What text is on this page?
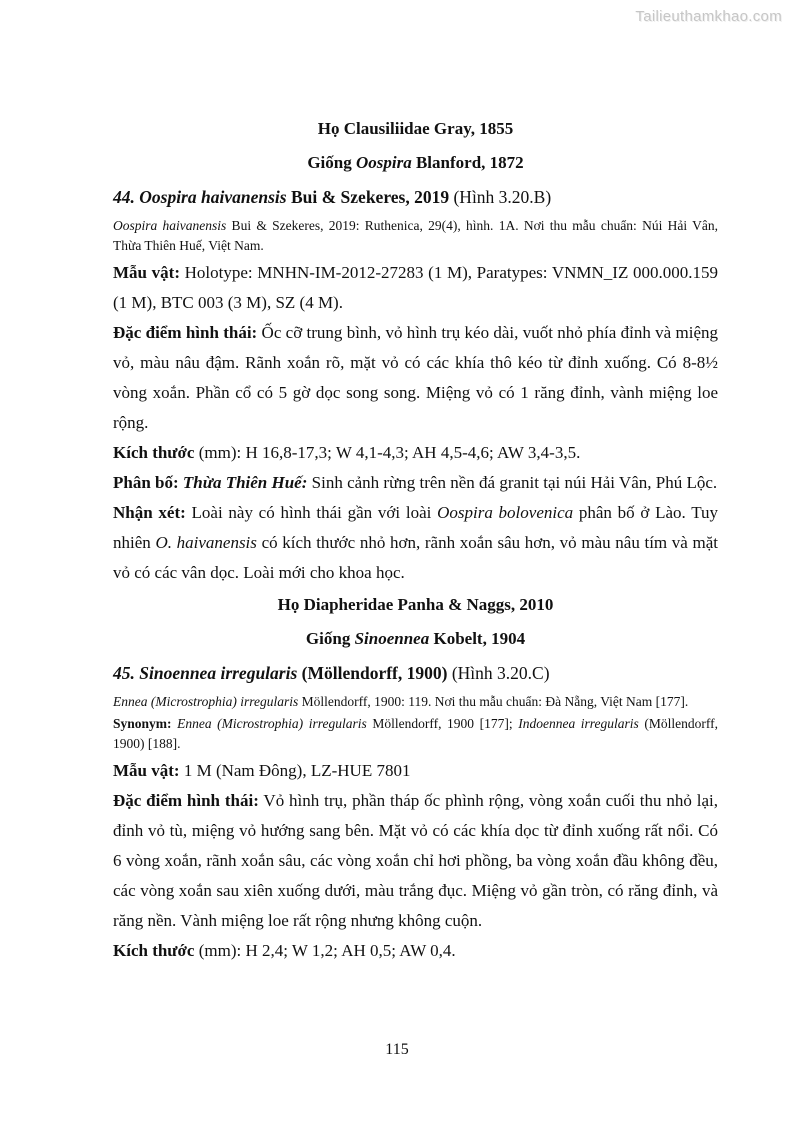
Tailieuthamkhao.com

Họ Clausiliidae Gray, 1855

Giống Oospira Blanford, 1872

44. Oospira haivanensis Bui & Szekeres, 2019 (Hình 3.20.B)

Oospira haivanensis Bui & Szekeres, 2019: Ruthenica, 29(4), hình. 1A. Nơi thu mẫu chuẩn: Núi Hải Vân, Thừa Thiên Huế, Việt Nam.

Mẫu vật: Holotype: MNHN-IM-2012-27283 (1 M), Paratypes: VNMN_IZ 000.000.159 (1 M), BTC 003 (3 M), SZ (4 M).

Đặc điểm hình thái: Ốc cỡ trung bình, vỏ hình trụ kéo dài, vuốt nhỏ phía đỉnh và miệng vỏ, màu nâu đậm. Rãnh xoắn rõ, mặt vỏ có các khía thô kéo từ đỉnh xuống. Có 8-8½ vòng xoắn. Phần cổ có 5 gờ dọc song song. Miệng vỏ có 1 răng đỉnh, vành miệng loe rộng.

Kích thước (mm): H 16,8-17,3; W 4,1-4,3; AH 4,5-4,6; AW 3,4-3,5.

Phân bố: Thừa Thiên Huế: Sinh cảnh rừng trên nền đá granit tại núi Hải Vân, Phú Lộc.

Nhận xét: Loài này có hình thái gần với loài Oospira bolovenica phân bố ở Lào. Tuy nhiên O. haivanensis có kích thước nhỏ hơn, rãnh xoắn sâu hơn, vỏ màu nâu tím và mặt vỏ có các vân dọc. Loài mới cho khoa học.

Họ Diapheridae Panha & Naggs, 2010

Giống Sinoennea Kobelt, 1904

45. Sinoennea irregularis (Möllendorff, 1900) (Hình 3.20.C)

Ennea (Microstrophia) irregularis Möllendorff, 1900: 119. Nơi thu mẫu chuẩn: Đà Nẵng, Việt Nam [177].

Synonym: Ennea (Microstrophia) irregularis Möllendorff, 1900 [177]; Indoennea irregularis (Möllendorff, 1900) [188].

Mẫu vật: 1 M (Nam Đông), LZ-HUE 7801

Đặc điểm hình thái: Vỏ hình trụ, phần tháp ốc phình rộng, vòng xoắn cuối thu nhỏ lại, đỉnh vỏ tù, miệng vỏ hướng sang bên. Mặt vỏ có các khía dọc từ đỉnh xuống rất nổi. Có 6 vòng xoắn, rãnh xoắn sâu, các vòng xoắn chỉ hơi phồng, ba vòng xoắn đầu không đều, các vòng xoắn sau xiên xuống dưới, màu trắng đục. Miệng vỏ gần tròn, có răng đỉnh, và răng nền. Vành miệng loe rất rộng nhưng không cuộn.

Kích thước (mm): H 2,4; W 1,2; AH 0,5; AW 0,4.

115
